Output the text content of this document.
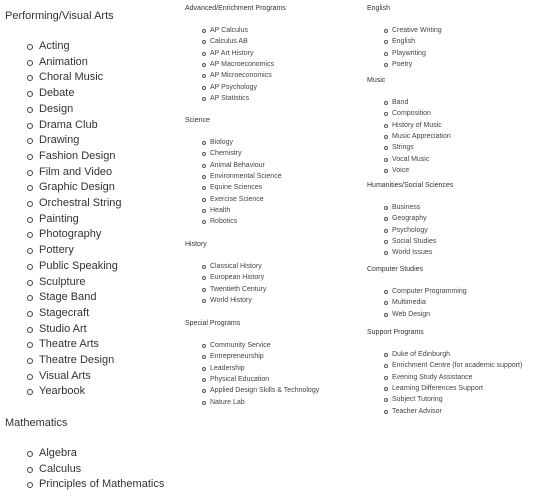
Performing/Visual Arts
Acting
Animation
Choral Music
Debate
Design
Drama Club
Drawing
Fashion Design
Film and Video
Graphic Design
Orchestral String
Painting
Photography
Pottery
Public Speaking
Sculpture
Stage Band
Stagecraft
Studio Art
Theatre Arts
Theatre Design
Visual Arts
Yearbook
Mathematics
Algebra
Calculus
Principles of Mathematics
Advanced/Enrichment Programs
AP Calculus
Calculus AB
AP Art History
AP Macroeconomics
AP Microeconomics
AP Psychology
AP Statistics
Science
Biology
Chemistry
Animal Behaviour
Environmental Science
Equine Sciences
Exercise Science
Health
Robotics
History
Classical History
European History
Twentieth Century
World History
Special Programs
Community Service
Entrepreneurship
Leadership
Physical Education
Applied Design Skills & Technology
Nature Lab
English
Creative Writing
English
Playwriting
Poetry
Music
Band
Composition
History of Music
Music Appreciation
Strings
Vocal Music
Voice
Humanities/Social Sciences
Business
Geography
Psychology
Social Studies
World Issues
Computer Studies
Computer Programming
Multimedia
Web Design
Support Programs
Duke of Edinburgh
Enrichment Centre (for academic support)
Evening Study Assistance
Learning Differences Support
Subject Tutoring
Teacher Advisor
